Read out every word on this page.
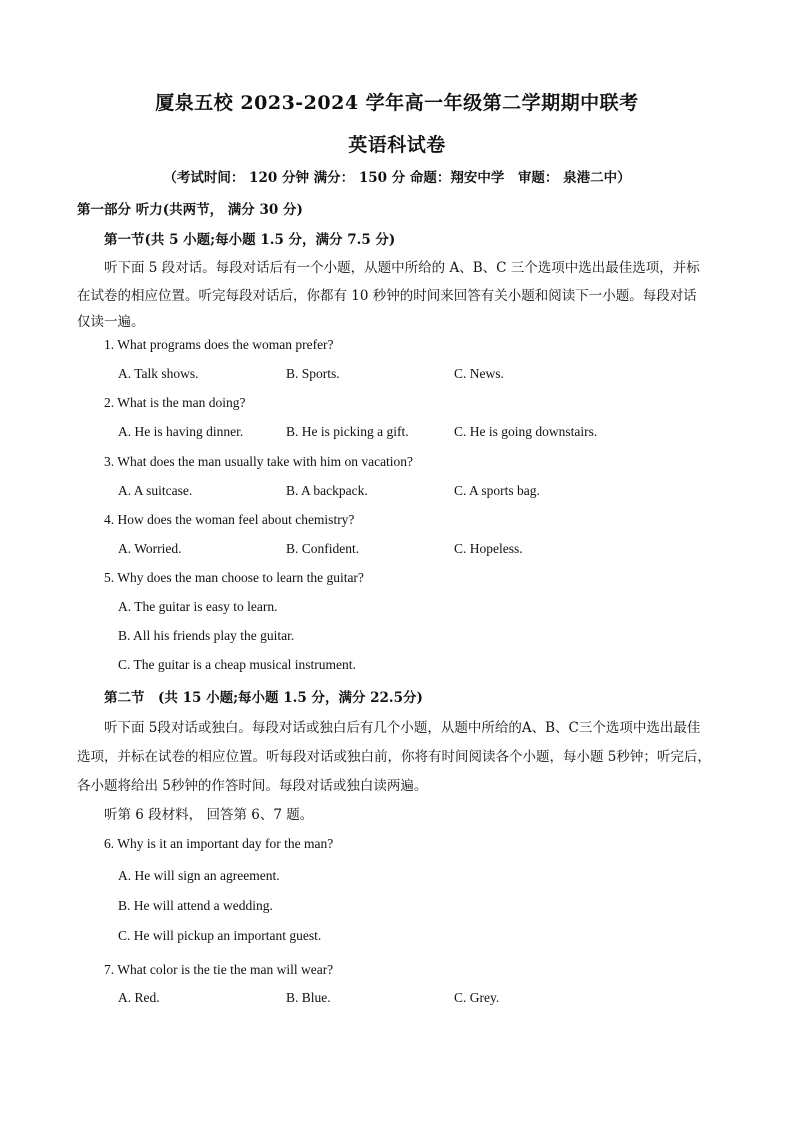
厦泉五校 2023-2024 学年高一年级第二学期期中联考
英语科试卷
（考试时间： 120 分钟 满分： 150 分 命题：翔安中学　审题： 泉港二中）
第一部分 听力(共两节， 满分 30 分)
第一节(共 5 小题;每小题 1.5 分，满分 7.5 分)
听下面 5 段对话。每段对话后有一个小题，从题中所给的 A、B、C 三个选项中选出最佳选项，并标
在试卷的相应位置。听完每段对话后，你都有 10 秒钟的时间来回答有关小题和阅读下一小题。每段对话
仅读一遍。
1. What programs does the woman prefer?
A. Talk shows.	B. Sports.	C. News.
2. What is the man doing?
A. He is having dinner.	B. He is picking a gift.	C. He is going downstairs.
3. What does the man usually take with him on vacation?
A. A suitcase.	B. A backpack.	C. A sports bag.
4. How does the woman feel about chemistry?
A. Worried.	B. Confident.	C. Hopeless.
5. Why does the man choose to learn the guitar?
A. The guitar is easy to learn.
B. All his friends play the guitar.
C. The guitar is a cheap musical instrument.
第二节　(共 15 小题;每小题 1.5 分，满分 22.5分)
听下面 5段对话或独白。每段对话或独白后有几个小题，从题中所给的A、B、C三个选项中选出最佳
选项，并标在试卷的相应位置。听每段对话或独白前，你将有时间阅读各个小题，每小题 5秒钟；听完后，
各小题将给出 5秒钟的作答时间。每段对话或独白读两遍。
听第 6 段材料， 回答第 6、7 题。
6. Why is it an important day for the man?
A. He will sign an agreement.
B. He will attend a wedding.
C. He will pickup an important guest.
7. What color is the tie the man will wear?
A. Red.	B. Blue.	C. Grey.
